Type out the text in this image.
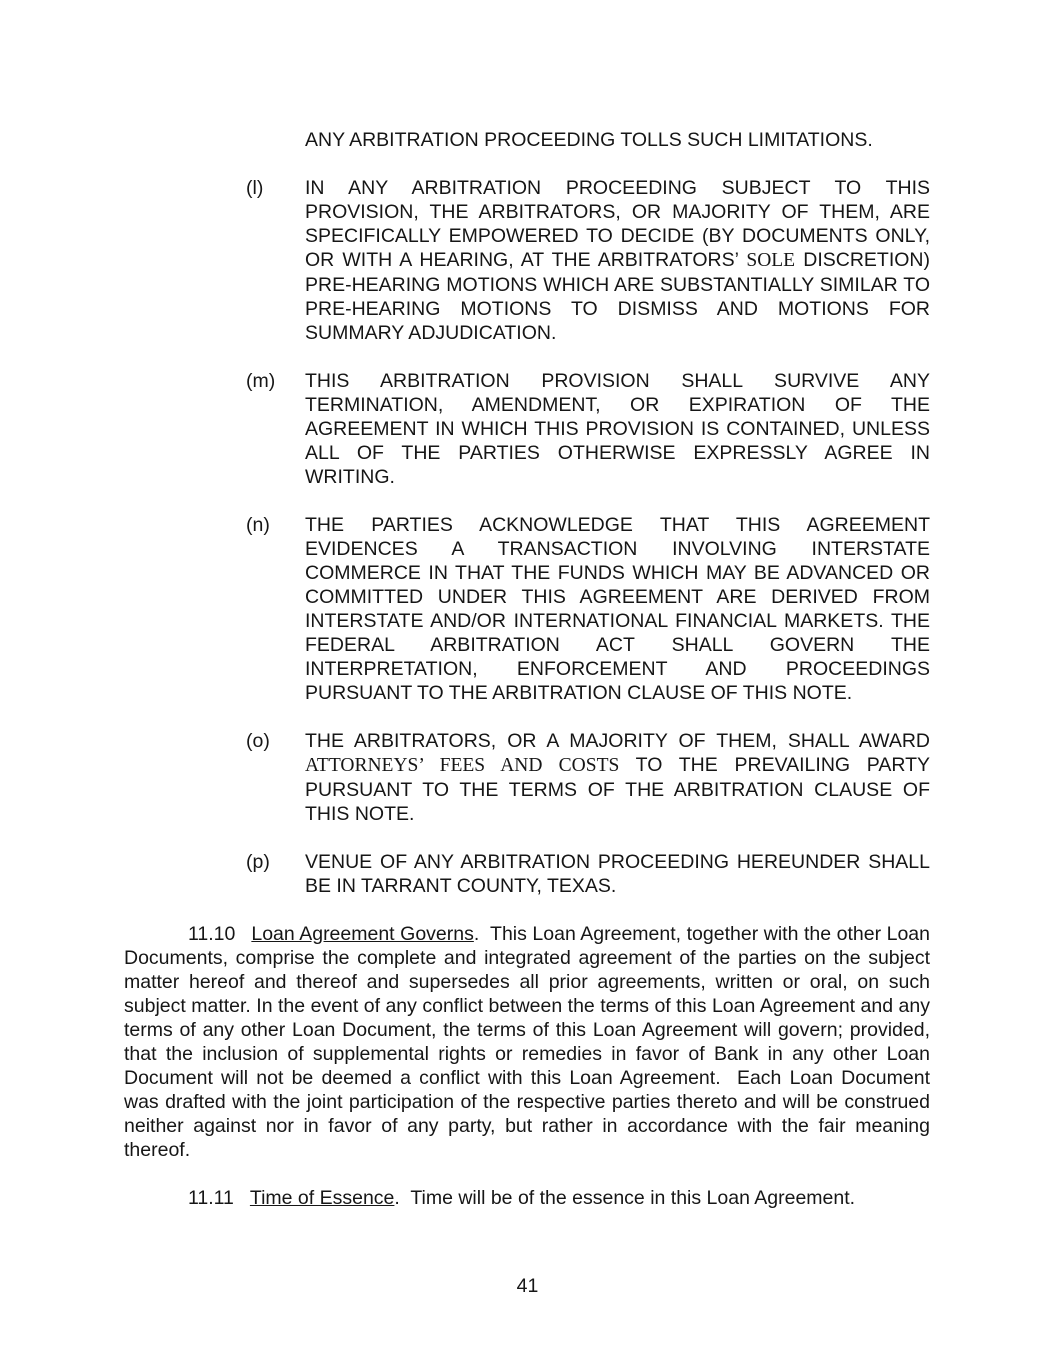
ANY ARBITRATION PROCEEDING TOLLS SUCH LIMITATIONS.

(l)	IN ANY ARBITRATION PROCEEDING SUBJECT TO THIS PROVISION, THE ARBITRATORS, OR MAJORITY OF THEM, ARE SPECIFICALLY EMPOWERED TO DECIDE (BY DOCUMENTS ONLY, OR WITH A HEARING, AT THE ARBITRATORS’ SOLE DISCRETION) PRE-HEARING MOTIONS WHICH ARE SUBSTANTIALLY SIMILAR TO PRE-HEARING MOTIONS TO DISMISS AND MOTIONS FOR SUMMARY ADJUDICATION.

(m)	THIS ARBITRATION PROVISION SHALL SURVIVE ANY TERMINATION, AMENDMENT, OR EXPIRATION OF THE AGREEMENT IN WHICH THIS PROVISION IS CONTAINED, UNLESS ALL OF THE PARTIES OTHERWISE EXPRESSLY AGREE IN WRITING.

(n)	THE PARTIES ACKNOWLEDGE THAT THIS AGREEMENT EVIDENCES A TRANSACTION INVOLVING INTERSTATE COMMERCE IN THAT THE FUNDS WHICH MAY BE ADVANCED OR COMMITTED UNDER THIS AGREEMENT ARE DERIVED FROM INTERSTATE AND/OR INTERNATIONAL FINANCIAL MARKETS. THE FEDERAL ARBITRATION ACT SHALL GOVERN THE INTERPRETATION, ENFORCEMENT AND PROCEEDINGS PURSUANT TO THE ARBITRATION CLAUSE OF THIS NOTE.

(o)	THE ARBITRATORS, OR A MAJORITY OF THEM, SHALL AWARD ATTORNEYS’ FEES AND COSTS TO THE PREVAILING PARTY PURSUANT TO THE TERMS OF THE ARBITRATION CLAUSE OF THIS NOTE.

(p)	VENUE OF ANY ARBITRATION PROCEEDING HEREUNDER SHALL BE IN TARRANT COUNTY, TEXAS.

11.10 Loan Agreement Governs.  This Loan Agreement, together with the other Loan Documents, comprise the complete and integrated agreement of the parties on the subject matter hereof and thereof and supersedes all prior agreements, written or oral, on such subject matter. In the event of any conflict between the terms of this Loan Agreement and any terms of any other Loan Document, the terms of this Loan Agreement will govern; provided, that the inclusion of supplemental rights or remedies in favor of Bank in any other Loan Document will not be deemed a conflict with this Loan Agreement.  Each Loan Document was drafted with the joint participation of the respective parties thereto and will be construed neither against nor in favor of any party, but rather in accordance with the fair meaning thereof.

11.11 Time of Essence.  Time will be of the essence in this Loan Agreement.

41
